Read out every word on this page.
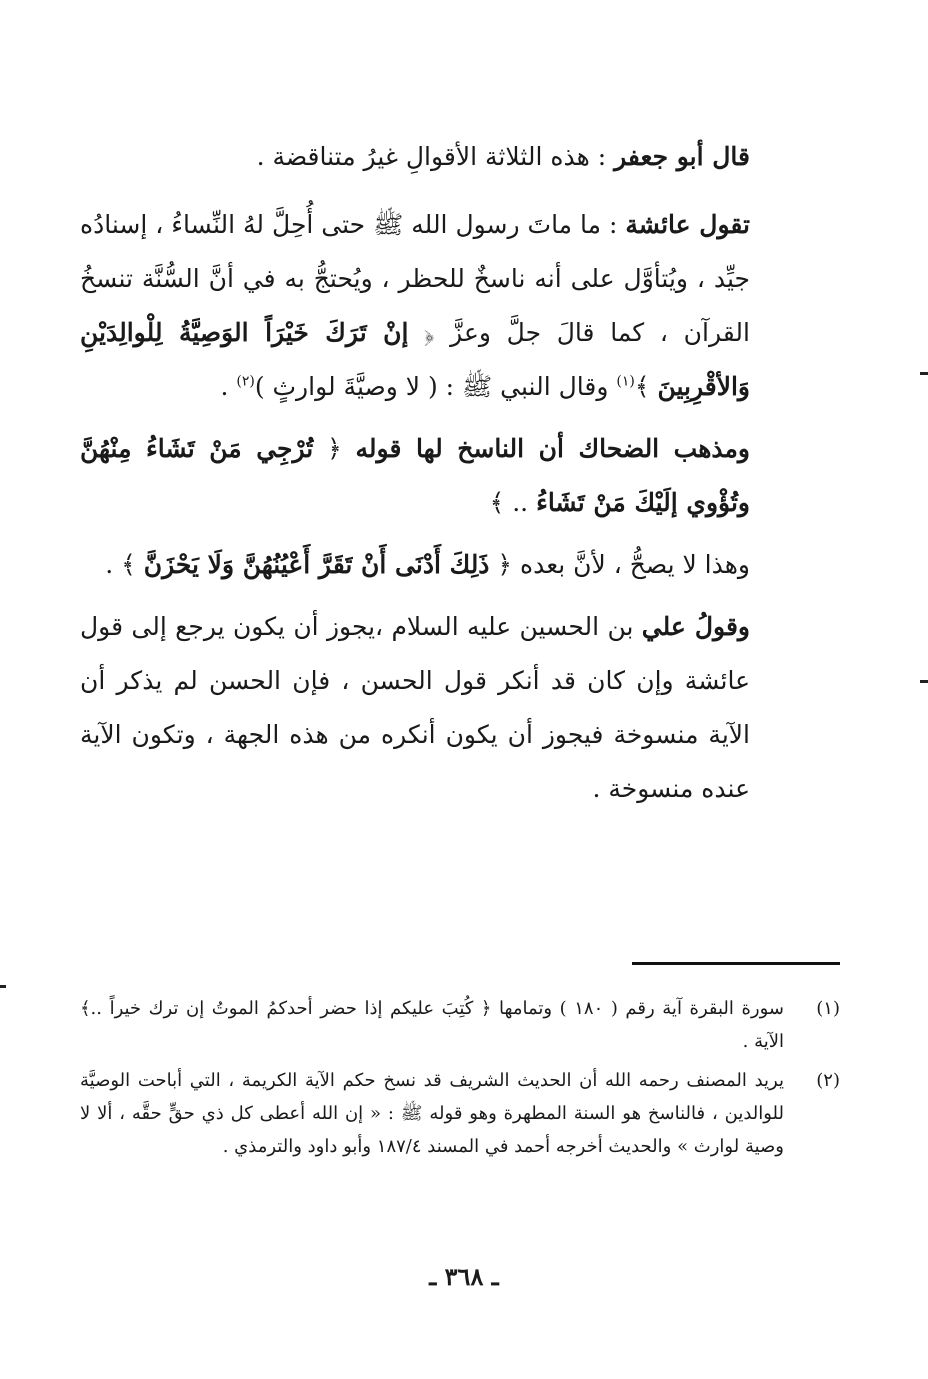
قال أبو جعفر : هذه الثلاثة الأقوالِ غيرُ متناقضة .

تقول عائشة : ما ماتَ رسول الله ﷺ حتى أُحِلَّ لهُ النِّساءُ ، إسنادُه جيِّد ، ويُتأوَّل على أنه ناسخٌ للحظر ، ويُحتجُّ به في أنَّ السُّنَّة تنسخُ القرآن ، كما قالَ جلَّ وعزَّ ﴿ إنْ تَرَكَ خَيْرَاً الوَصِيَّةُ لِلْوالِدَيْنِ وَالأقْرِبِينَ ﴾$^{(١)}$ وقال النبي ﷺ : ( لا وصيَّةَ لوارثٍ )$^{(٢)}$ .

ومذهب الضحاك أن الناسخ لها قوله ﴿ تُرْجِي مَنْ تَشَاءُ مِنْهُنَّ وتُؤْوي إلَيْكَ مَنْ تَشَاءُ .. ﴾

وهذا لا يصحُّ ، لأنَّ بعده ﴿ ذَلِكَ أَدْنَى أَنْ تَقَرَّ أَعْيُنُهُنَّ وَلَا يَحْزَنَّ ﴾ .

وقولُ علي بن الحسين عليه السلام ،يجوز أن يكون يرجع إلى قول عائشة وإن كان قد أنكر قول الحسن ، فإن الحسن لم يذكر أن الآية منسوخة فيجوز أن يكون أنكره من هذه الجهة ، وتكون الآية عنده منسوخة .

(١)
سورة البقرة آية رقم ( ١٨٠ ) وتمامها ﴿ كُتِبَ عليكم إذا حضر أحدكمُ الموتُ إن ترك خيراً ..﴾ الآية .
(٢)
يريد المصنف رحمه الله أن الحديث الشريف قد نسخ حكم الآية الكريمة ، التي أباحت الوصيَّة للوالدين ، فالناسخ هو السنة المطهرة وهو قوله ﷺ : « إن الله أعطى كل ذي حقٍّ حقَّه ، ألا لا وصية لوارث » والحديث أخرجه أحمد في المسند ١٨٧/٤ وأبو داود والترمذي .
ـ ٣٦٨ ـ
